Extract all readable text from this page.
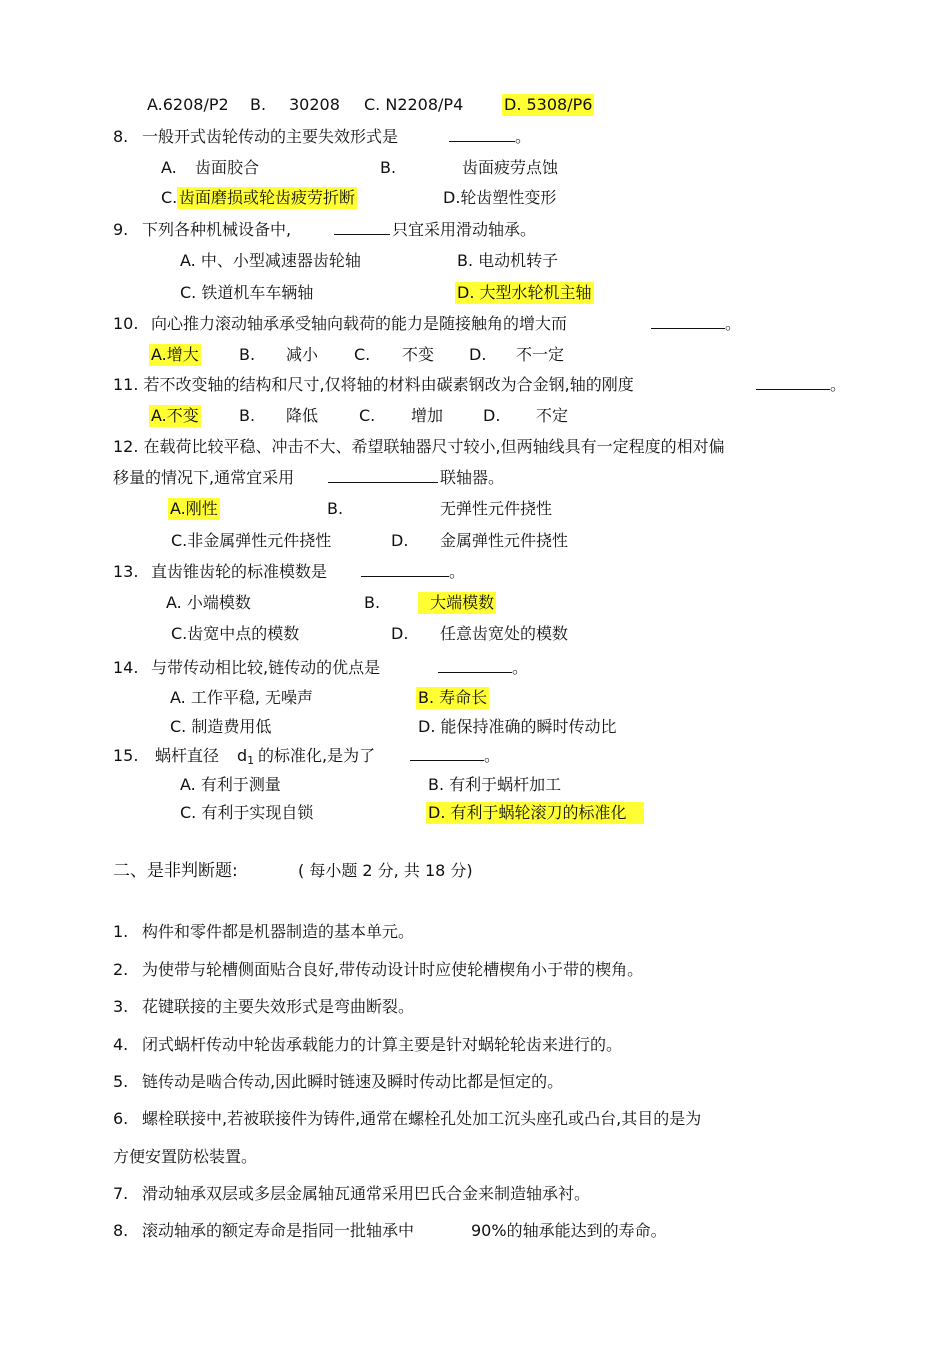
A.6208/P2 B. 30208 C. N2208/P4	D. 5308/P6
8. 一般开式齿轮传动的主要失效形式是	。
A. 齿面胶合	B.	齿面疲劳点蚀
C. 齿面磨损或轮齿疲劳折断	D.轮齿塑性变形
9. 下列各种机械设备中,	只宜采用滑动轴承。
A. 中、小型减速器齿轮轴	B. 电动机转子
C. 铁道机车车辆轴	D. 大型水轮机主轴
10. 向心推力滚动轴承承受轴向载荷的能力是随接触角的增大而	。
A.增大	B. 减小 C. 不变 D. 不一定
11. 若不改变轴的结构和尺寸,仅将轴的材料由碳素钢改为合金钢,轴的刚度	。
A.不变	B. 降低	C. 增加 D. 不定
12. 在载荷比较平稳、冲击不大、希望联轴器尺寸较小,但两轴线具有一定程度的相对偏
移量的情况下,通常宜采用	联轴器。
A.刚性	B.	无弹性元件挠性
C.非金属弹性元件挠性	D. 金属弹性元件挠性
13. 直齿锥齿轮的标准模数是	。
A. 小端模数	B.	大端模数
C.齿宽中点的模数	D. 任意齿宽处的模数
14. 与带传动相比较,链传动的优点是	。
A. 工作平稳, 无噪声	B. 寿命长
C. 制造费用低	D. 能保持准确的瞬时传动比
15. 蜗杆直径 $d_1$ 的标准化,是为了	。
A. 有利于测量	B. 有利于蜗杆加工
C. 有利于实现自锁	D. 有利于蜗轮滚刀的标准化
二、是非判断题:	( 每小题 2 分, 共 18 分)
1. 构件和零件都是机器制造的基本单元。
2. 为使带与轮槽侧面贴合良好,带传动设计时应使轮槽楔角小于带的楔角。
3. 花键联接的主要失效形式是弯曲断裂。
4. 闭式蜗杆传动中轮齿承载能力的计算主要是针对蜗轮轮齿来进行的。
5. 链传动是啮合传动,因此瞬时链速及瞬时传动比都是恒定的。
6. 螺栓联接中,若被联接件为铸件,通常在螺栓孔处加工沉头座孔或凸台,其目的是为
方便安置防松装置。
7. 滑动轴承双层或多层金属轴瓦通常采用巴氏合金来制造轴承衬。
8. 滚动轴承的额定寿命是指同一批轴承中	90%的轴承能达到的寿命。
